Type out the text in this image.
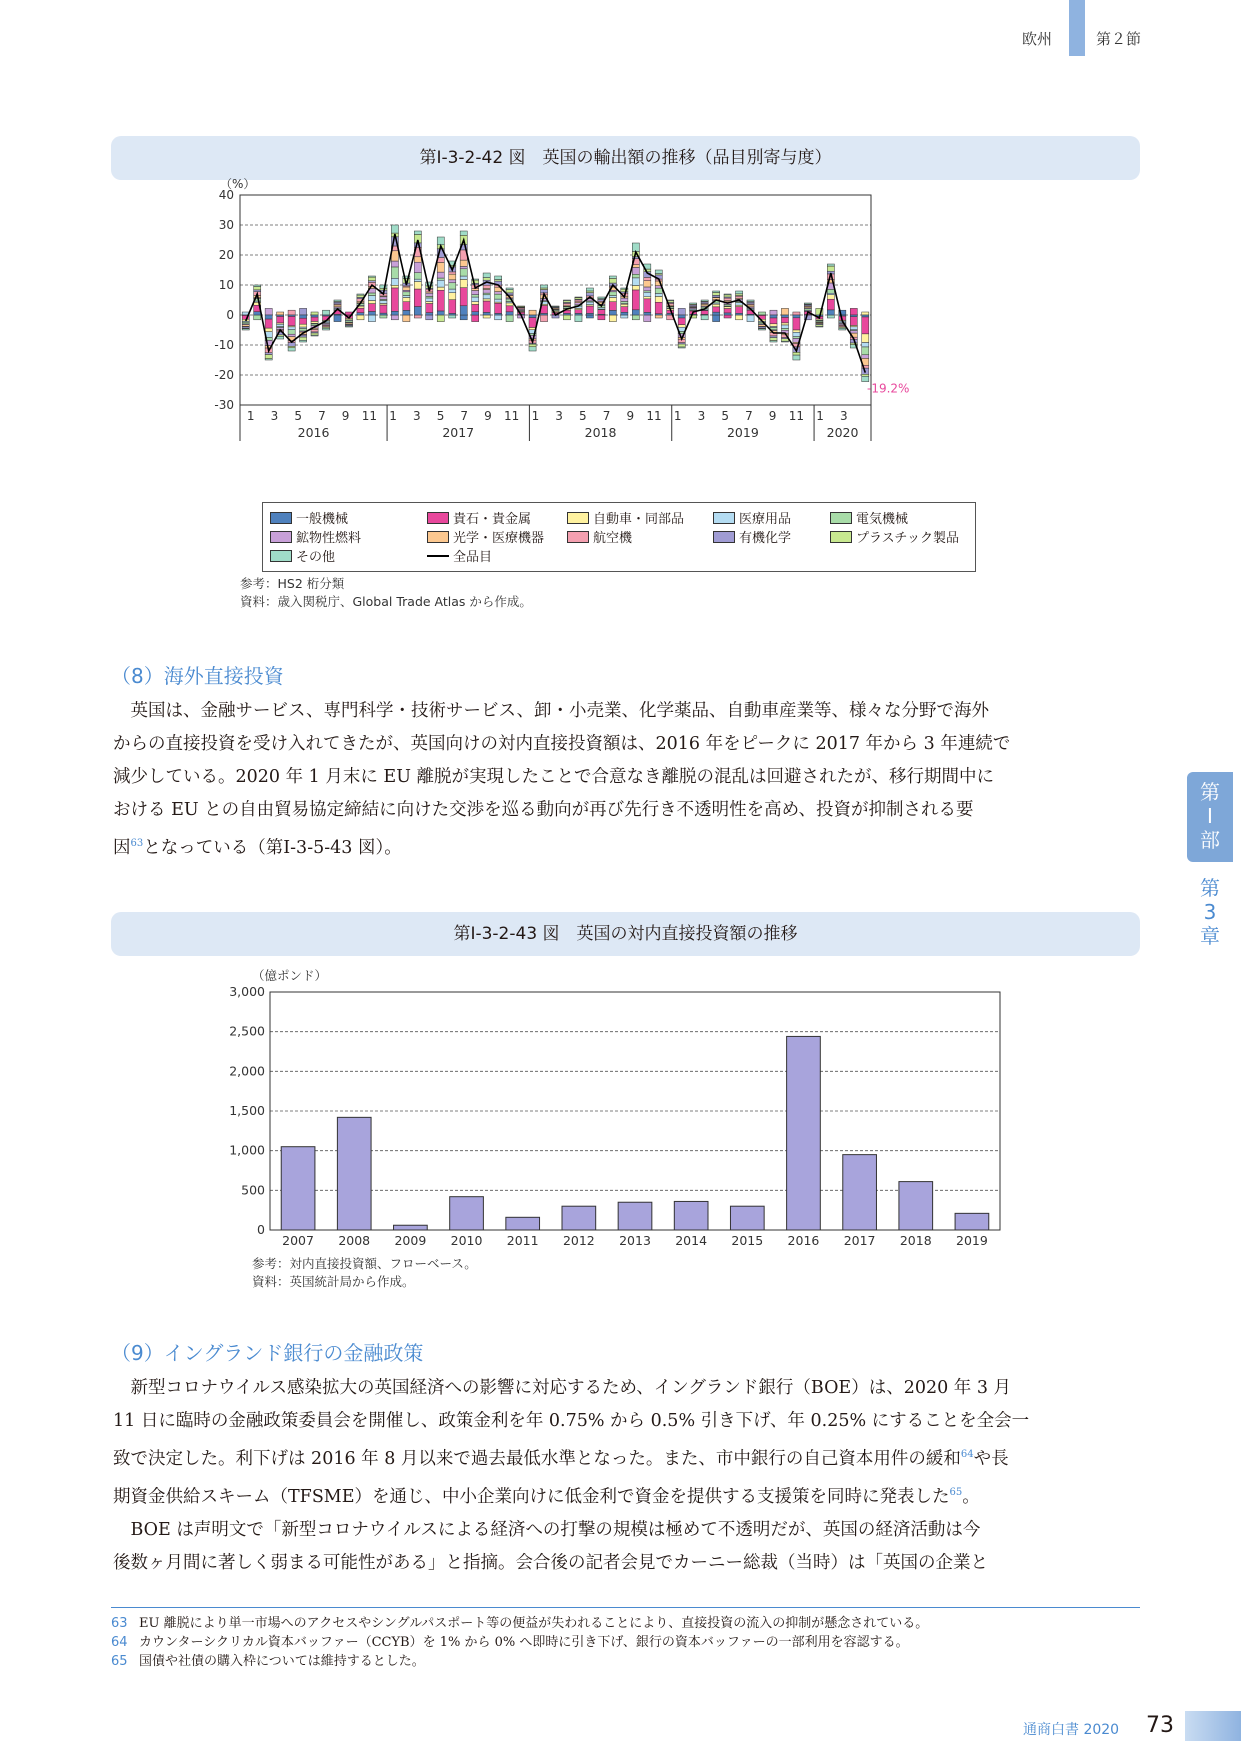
欧州	第２節
第Ⅰ-3-2-42 図　英国の輸出額の推移（品目別寄与度）
（%）
40
30
20
10
0
-10
-20
-30
-19.2%
1 3 5 7 9 11 1 3 5 7 9 11 1 3 5 7 9 11 1 3 5 7 9 11 1 3
2016	2017	2018	2019	2020
一般機械	貴石・貴金属	自動車・同部品	医療用品	電気機械
鉱物性燃料	光学・医療機器	航空機	有機化学	プラスチック製品
その他	全品目
参考：HS2 桁分類
資料：歳入関税庁、Global Trade Atlas から作成。
（8）海外直接投資
　英国は、金融サービス、専門科学・技術サービス、卸・小売業、化学薬品、自動車産業等、様々な分野で海外
からの直接投資を受け入れてきたが、英国向けの対内直接投資額は、2016 年をピークに 2017 年から 3 年連続で
減少している。2020 年 1 月末に EU 離脱が実現したことで合意なき離脱の混乱は回避されたが、移行期間中に
おける EU との自由貿易協定締結に向けた交渉を巡る動向が再び先行き不透明性を高め、投資が抑制される要
因$^{63}$となっている（第Ⅰ-3-5-43 図）。
第Ⅰ-3-2-43 図　英国の対内直接投資額の推移
（億ポンド）
3,000
2,500
2,000
1,500
1,000
500
0
2007 2008 2009 2010 2011 2012 2013 2014 2015 2016 2017 2018 2019
参考：対内直接投資額、フローベース。
資料：英国統計局から作成。
（9）イングランド銀行の金融政策
　新型コロナウイルス感染拡大の英国経済への影響に対応するため、イングランド銀行（BOE）は、2020 年 3 月
11 日に臨時の金融政策委員会を開催し、政策金利を年 0.75% から 0.5% 引き下げ、年 0.25% にすることを全会一
致で決定した。利下げは 2016 年 8 月以来で過去最低水準となった。また、市中銀行の自己資本用件の緩和$^{64}$や長
期資金供給スキーム（TFSME）を通じ、中小企業向けに低金利で資金を提供する支援策を同時に発表した$^{65}$。
　BOE は声明文で「新型コロナウイルスによる経済への打撃の規模は極めて不透明だが、英国の経済活動は今
後数ヶ月間に著しく弱まる可能性がある」と指摘。会合後の記者会見でカーニー総裁（当時）は「英国の企業と
63 EU 離脱により単一市場へのアクセスやシングルパスポート等の便益が失われることにより、直接投資の流入の抑制が懸念されている。
64 カウンターシクリカル資本バッファー（CCYB）を 1% から 0% へ即時に引き下げ、銀行の資本バッファーの一部利用を容認する。
65 国債や社債の購入枠については維持するとした。
第
Ⅰ
部
第
3
章
通商白書 2020 73
